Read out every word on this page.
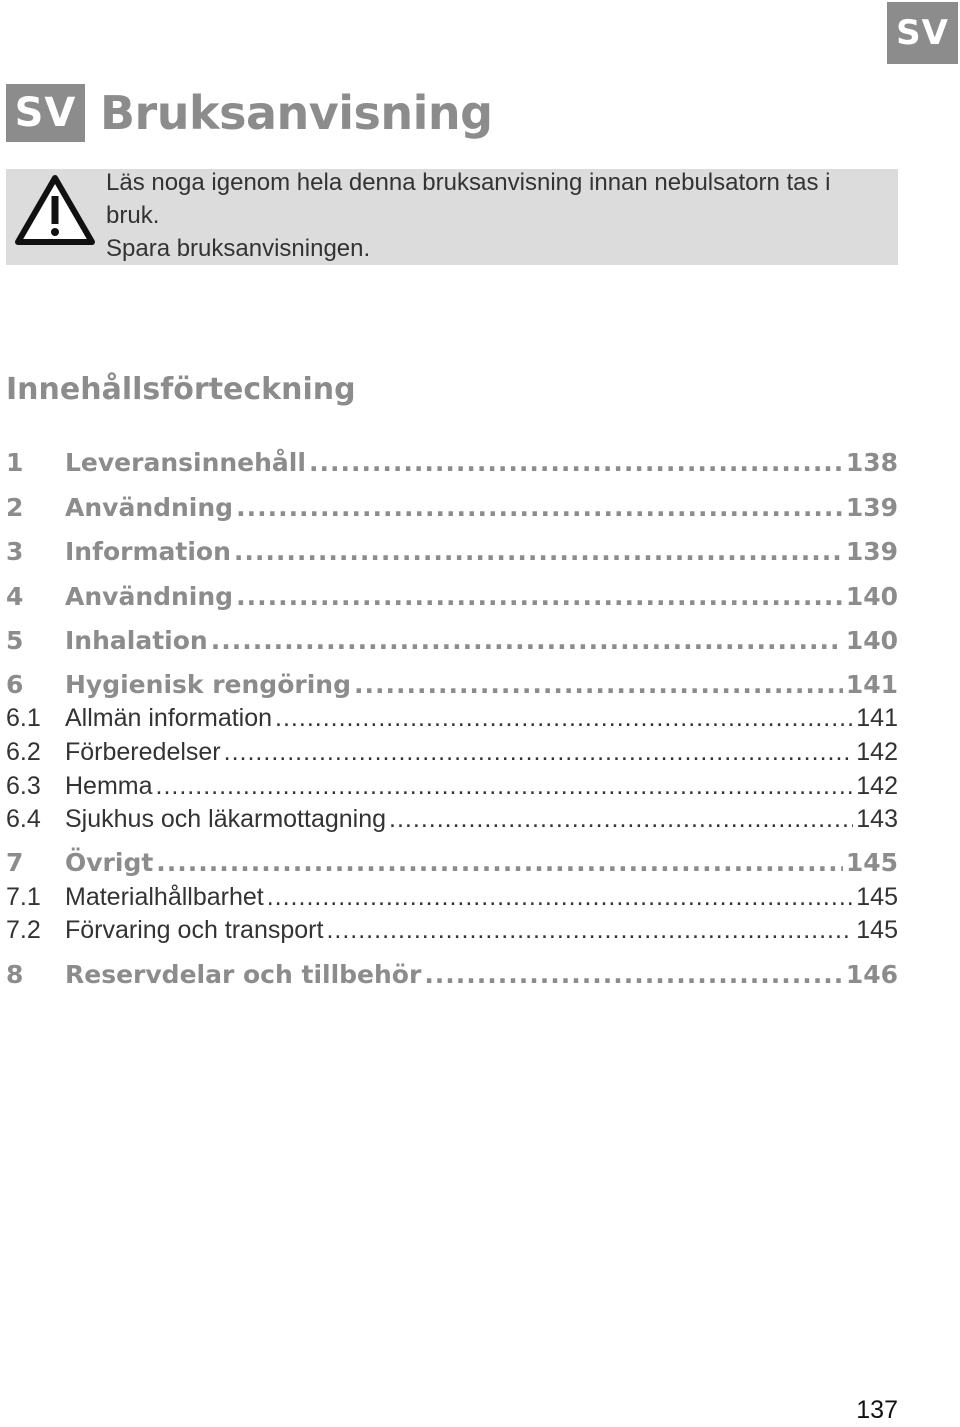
SV
SV Bruksanvisning
Läs noga igenom hela denna bruksanvisning innan nebulsatorn tas i
bruk.
Spara bruksanvisningen.
Innehållsförteckning
1	Leveransinnehåll .....	138
2	Användning .....	139
3	Information .....	139
4	Användning .....	140
5	Inhalation .....	140
6	Hygienisk rengöring .....	141
6.1 Allmän information .....	141
6.2 Förberedelser .....	142
6.3 Hemma .....	142
6.4 Sjukhus och läkarmottagning .....	143
7	Övrigt .....	145
7.1 Materialhållbarhet .....	145
7.2 Förvaring och transport .....	145
8	Reservdelar och tillbehör .....	146
137
